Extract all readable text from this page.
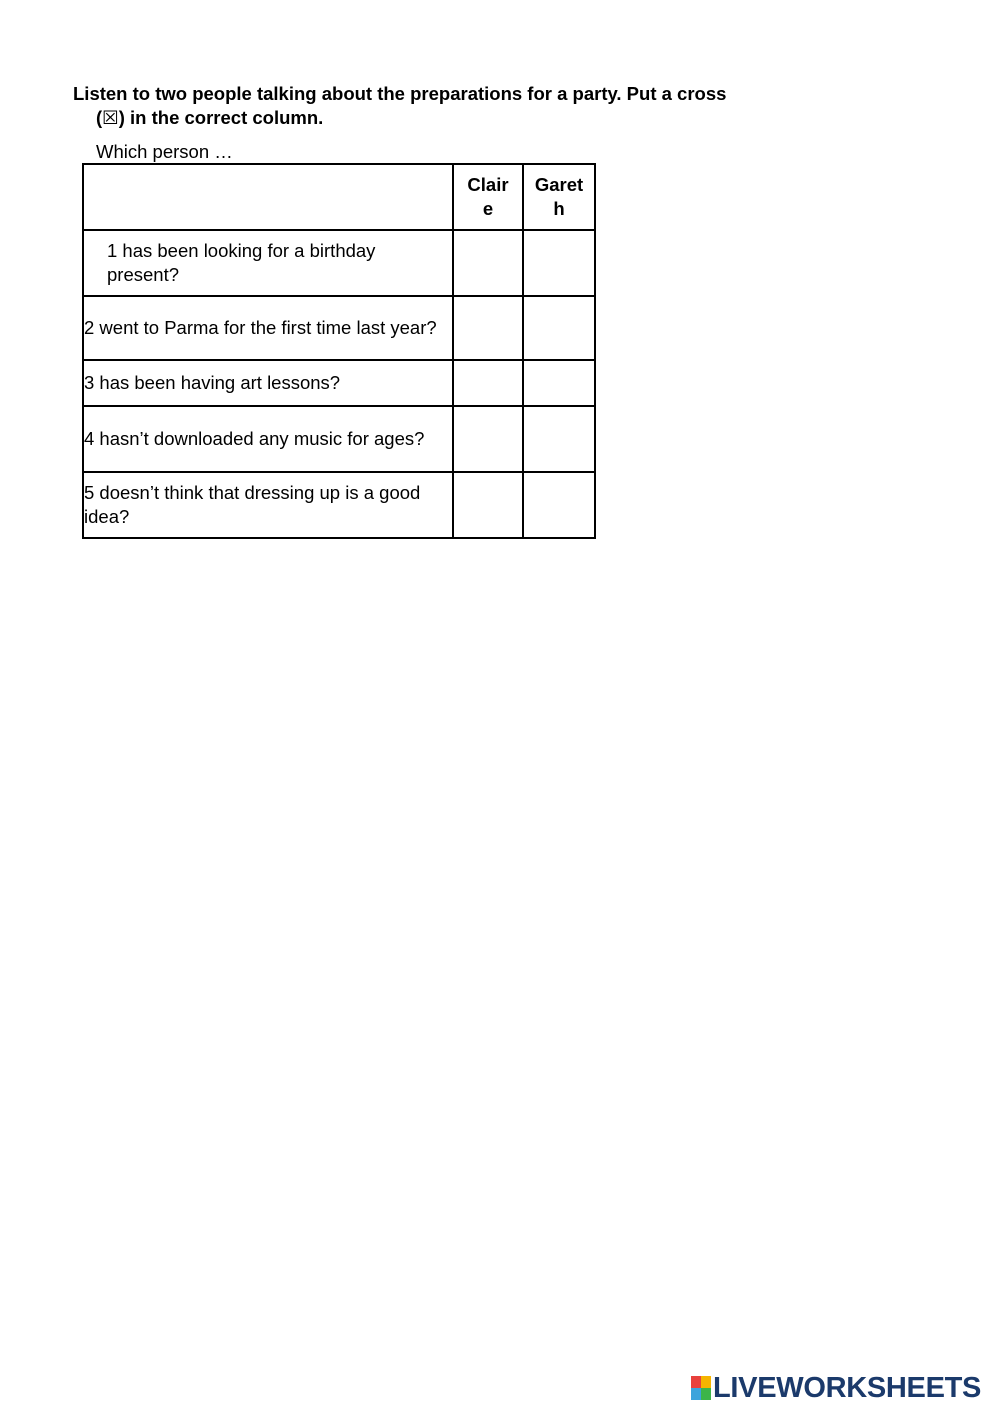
Listen to two people talking about the preparations for a party. Put a cross
(☒) in the correct column.
Which person …

	Claire	Gareth

1 has been looking for a birthday present?		
2 went to Parma for the first time last year?		
3 has been having art lessons?		
4 hasn’t downloaded any music for ages?		
5 doesn’t think that dressing up is a good idea?		
LIVEWORKSHEETS
